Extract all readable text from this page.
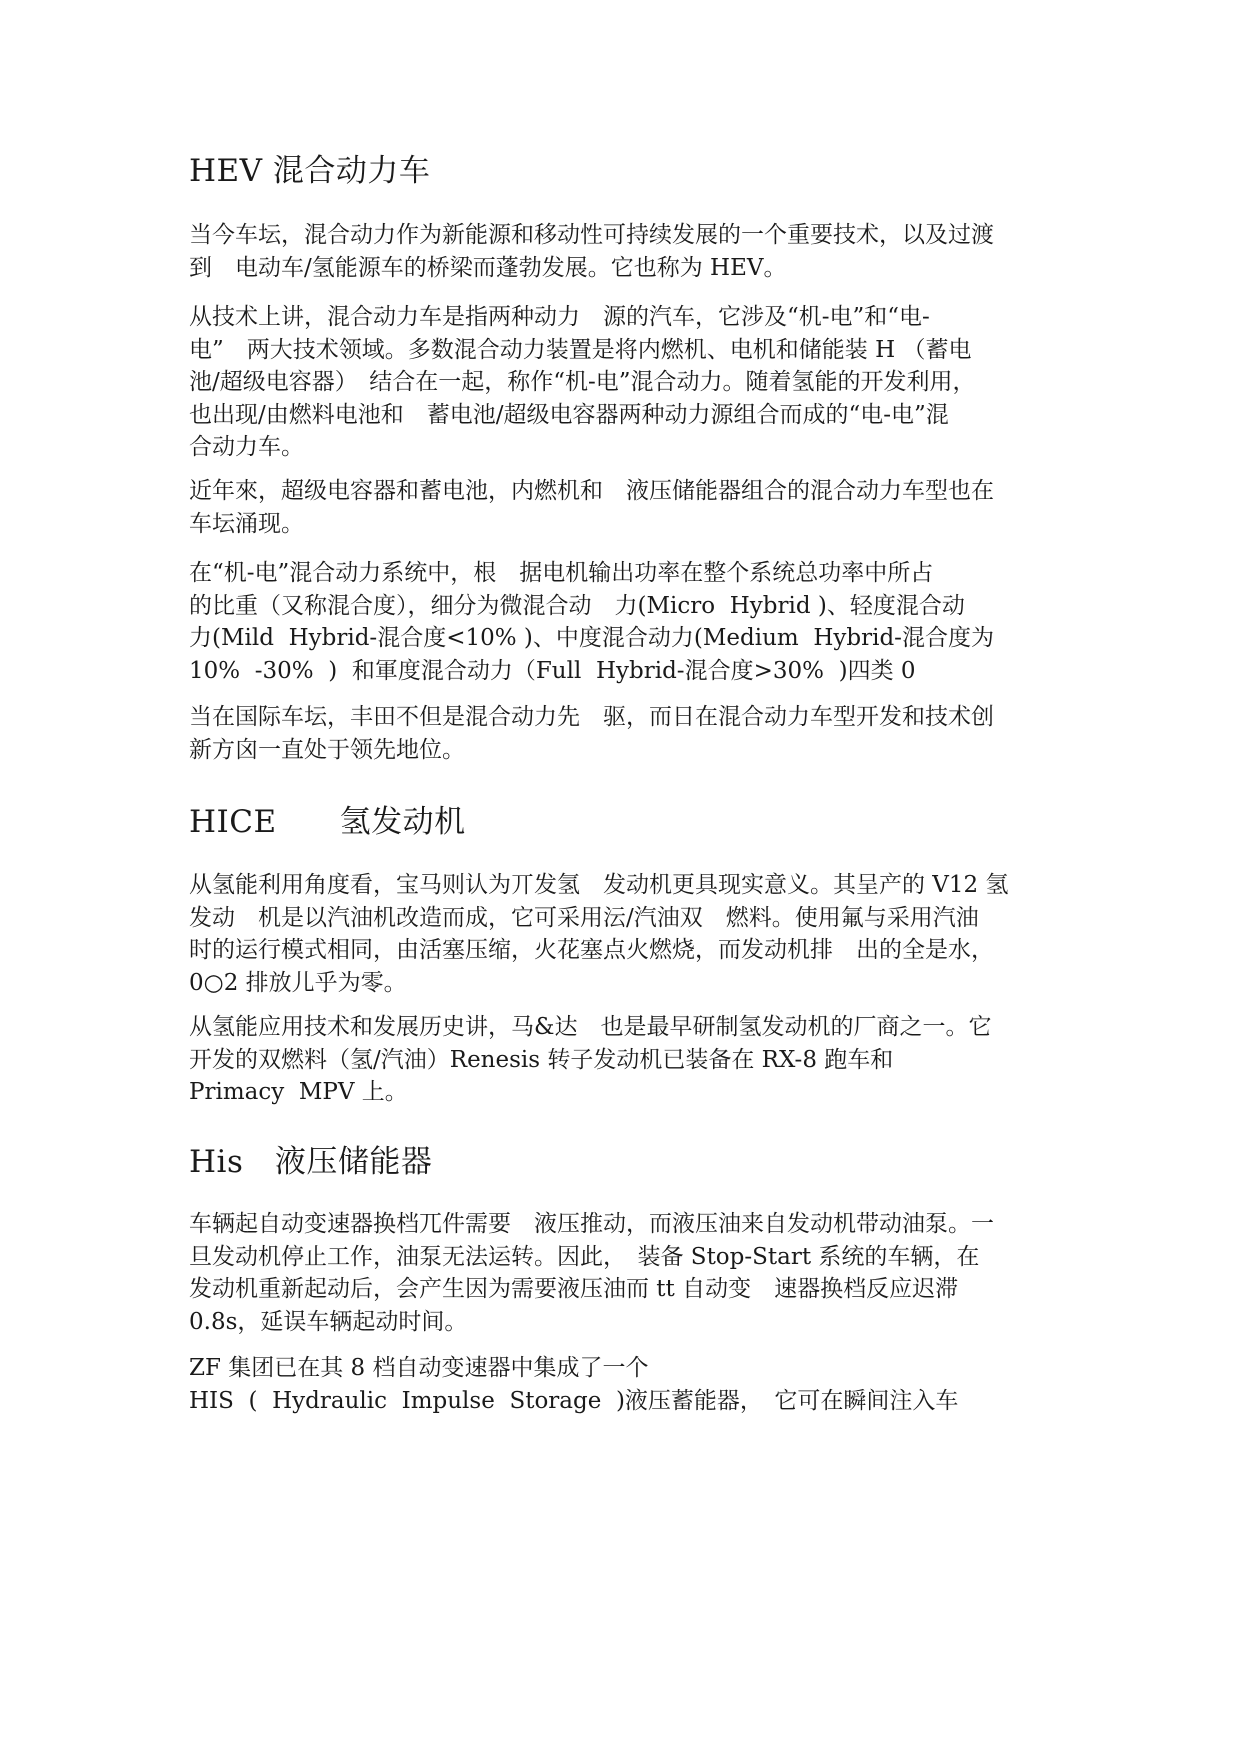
HEV 混合动力车

当今车坛，混合动力作为新能源和移动性可持续发展的一个重要技术，以及过渡
到　电动车/氢能源车的桥梁而蓬勃发展。它也称为 HEV。

从技术上讲，混合动力车是指两种动力　源的汽车，它涉及“机-电”和“电-
电”　两大技术领域。多数混合动力装置是将内燃机、电机和储能装 H （蓄电
池/超级电容器）　结合在一起，称作“机-电”混合动力。随着氢能的开发利用，
也出现/由燃料电池和　蓄电池/超级电容器两种动力源组合而成的“电-电”混
合动力车。

近年來，超级电容器和蓄电池，内燃机和　液压储能器组合的混合动力车型也在
车坛涌现。

在“机-电”混合动力系统中，根　据电机输出功率在整个系统总功率中所占
的比重（又称混合度），细分为微混合动　力(Micro  Hybrid )、轻度混合动
力(Mild  Hybrid-混合度<10% )、中度混合动力(Medium  Hybrid-混合度为
10%  -30%  )  和軍度混合动力（Full  Hybrid-混合度>30%  )四类 0

当在国际车坛，丰田不但是混合动力先　驱，而日在混合动力车型开发和技术创
新方囟一直处于领先地位。

HICE　　氢发动机

从氢能利用角度看，宝马则认为丌发氢　发动机更具现实意义。其呈产的 V12 氢
发动　机是以汽油机改造而成，它可采用沄/汽油双　燃料。使用氟与采用汽油
时的运行模式相同，由活塞压缩，火花塞点火燃烧，而发动机排　出的全是水，
0○2 排放儿乎为零。

从氢能应用技术和发展历史讲，马&达　也是最早研制氢发动机的厂商之一。它
开发的双燃料（氢/汽油）Renesis 转子发动机已装备在 RX-8 跑车和
Primacy  MPV 上。

His　液压储能器

车辆起自动变速器换档兀件需要　液压推动，而液压油来自发动机带动油泵。一
旦发动机停止工作，油泵无法运转。因此，　装备 Stop-Start 系统的车辆，在
发动机重新起动后，会产生因为需要液压油而 tt 自动变　速器换档反应迟滞
0.8s，延误车辆起动时间。

ZF 集团已在其 8 档自动变速器中集成了一个
HIS  (  Hydraulic  Impulse  Storage  )液压蓄能器，　它可在瞬间注入车
